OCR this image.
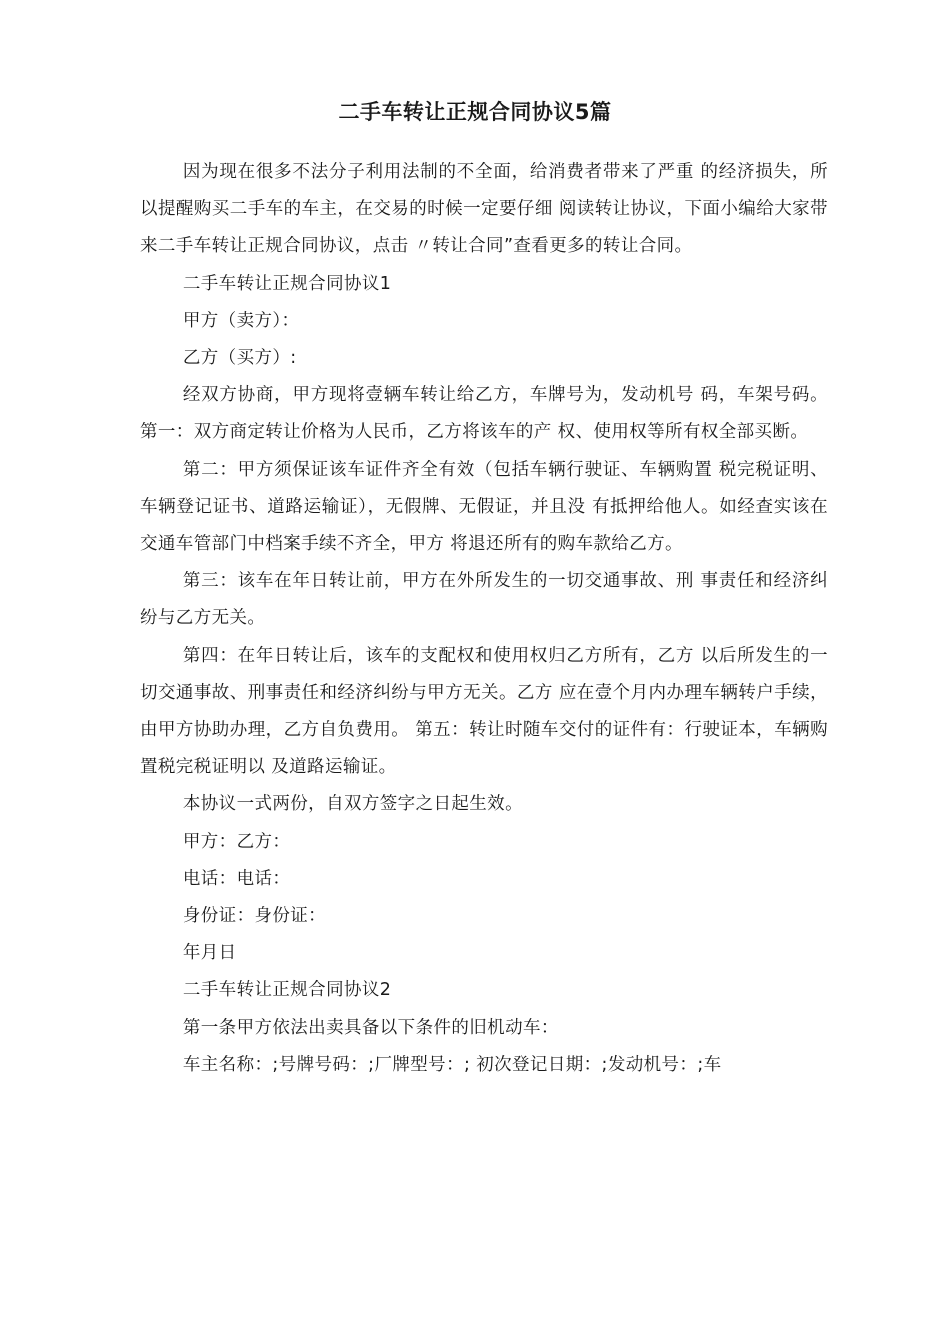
二手车转让正规合同协议5篇

因为现在很多不法分子利用法制的不全面，给消费者带来了严重 的经济损失，所以提醒购买二手车的车主，在交易的时候一定要仔细 阅读转让协议，下面小编给大家带来二手车转让正规合同协议，点击 〃转让合同”查看更多的转让合同。

二手车转让正规合同协议1

甲方（卖方）：

乙方（买方）:

经双方协商，甲方现将壹辆车转让给乙方，车牌号为，发动机号 码，车架号码。第一：双方商定转让价格为人民币，乙方将该车的产 权、使用权等所有权全部买断。

第二：甲方须保证该车证件齐全有效（包括车辆行驶证、车辆购置 税完税证明、车辆登记证书、道路运输证），无假牌、无假证，并且没 有抵押给他人。如经查实该在交通车管部门中档案手续不齐全，甲方 将退还所有的购车款给乙方。

第三：该车在年日转让前，甲方在外所发生的一切交通事故、刑 事责任和经济纠纷与乙方无关。

第四：在年日转让后，该车的支配权和使用权归乙方所有，乙方 以后所发生的一切交通事故、刑事责任和经济纠纷与甲方无关。乙方 应在壹个月内办理车辆转户手续，由甲方协助办理，乙方自负费用。 第五：转让时随车交付的证件有：行驶证本，车辆购置税完税证明以 及道路运输证。

本协议一式两份，自双方签字之日起生效。

甲方：乙方：

电话：电话：

身份证：身份证：

年月日

二手车转让正规合同协议2

第一条甲方依法出卖具备以下条件的旧机动车：

车主名称：;号牌号码：;厂牌型号：; 初次登记日期：;发动机号：;车
